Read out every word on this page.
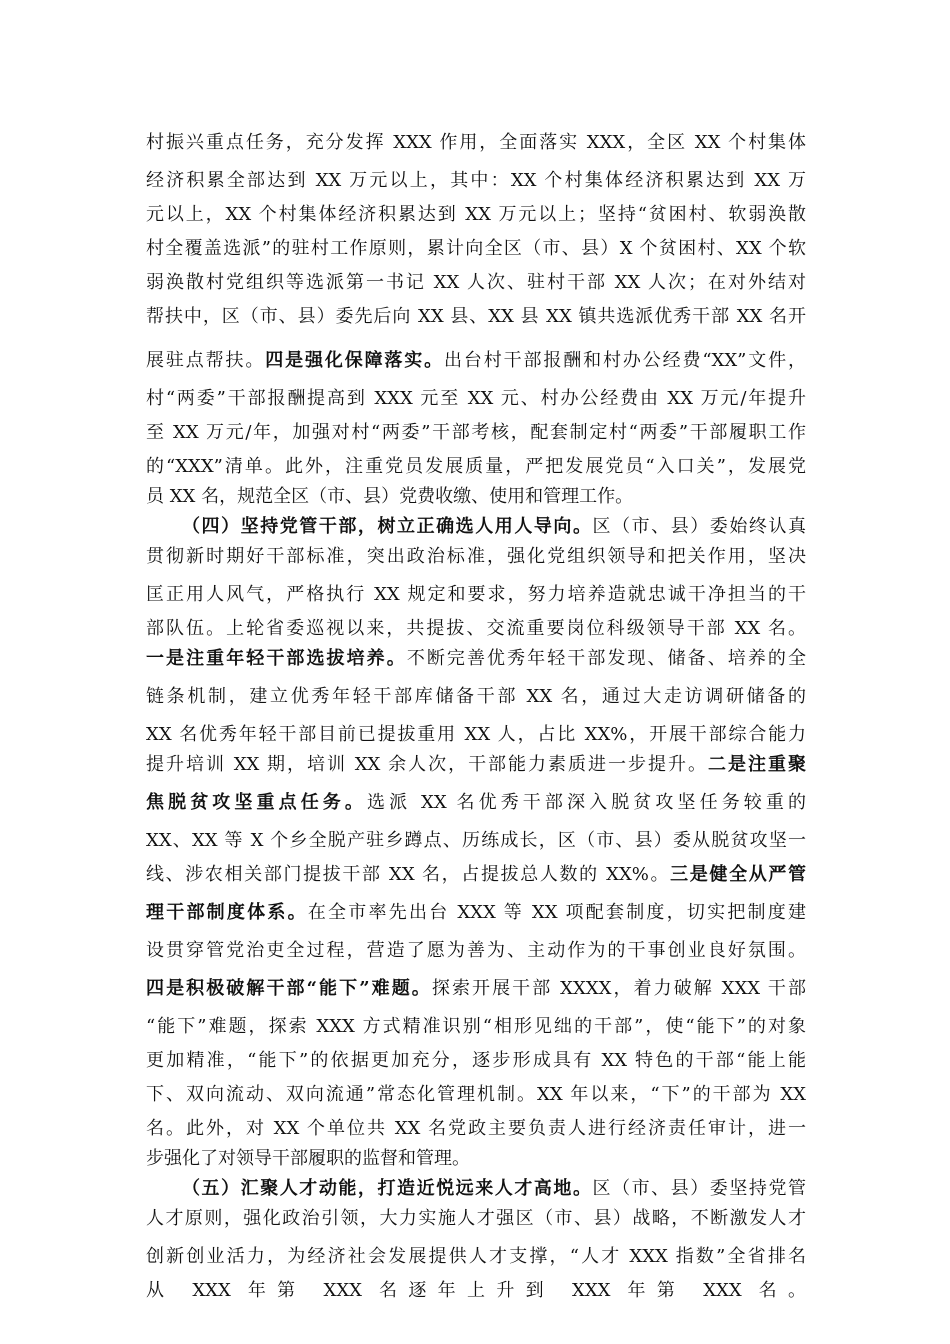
村振兴重点任务，充分发挥 XXX 作用，全面落实 XXX，全区 XX 个村集体
经济积累全部达到 XX 万元以上，其中：XX 个村集体经济积累达到 XX 万
元以上，XX 个村集体经济积累达到 XX 万元以上；坚持“贫困村、软弱涣散
村全覆盖选派”的驻村工作原则，累计向全区（市、县）X 个贫困村、XX 个软
弱涣散村党组织等选派第一书记 XX 人次、驻村干部 XX 人次；在对外结对
帮扶中，区（市、县）委先后向 XX 县、XX 县 XX 镇共选派优秀干部 XX 名开
展驻点帮扶。四是强化保障落实。出台村干部报酬和村办公经费“XX”文件，
村“两委”干部报酬提高到 XXX 元至 XX 元、村办公经费由 XX 万元/年提升
至 XX 万元/年，加强对村“两委”干部考核，配套制定村“两委”干部履职工作
的“XXX”清单。此外，注重党员发展质量，严把发展党员“入口关”，发展党
员 XX 名，规范全区（市、县）党费收缴、使用和管理工作。
（四）坚持党管干部，树立正确选人用人导向。区（市、县）委始终认真
贯彻新时期好干部标准，突出政治标准，强化党组织领导和把关作用，坚决
匡正用人风气，严格执行 XX 规定和要求，努力培养造就忠诚干净担当的干
部队伍。上轮省委巡视以来，共提拔、交流重要岗位科级领导干部 XX 名。
一是注重年轻干部选拔培养。不断完善优秀年轻干部发现、储备、培养的全
链条机制，建立优秀年轻干部库储备干部 XX 名，通过大走访调研储备的
XX 名优秀年轻干部目前已提拔重用 XX 人，占比 XX%，开展干部综合能力
提升培训 XX 期，培训 XX 余人次，干部能力素质进一步提升。二是注重聚
焦脱贫攻坚重点任务。选派 XX 名优秀干部深入脱贫攻坚任务较重的
XX、XX 等 X 个乡全脱产驻乡蹲点、历练成长，区（市、县）委从脱贫攻坚一
线、涉农相关部门提拔干部 XX 名，占提拔总人数的 XX%。三是健全从严管
理干部制度体系。在全市率先出台 XXX 等 XX 项配套制度，切实把制度建
设贯穿管党治吏全过程，营造了愿为善为、主动作为的干事创业良好氛围。
四是积极破解干部“能下”难题。探索开展干部 XXXX，着力破解 XXX 干部
“能下”难题，探索 XXX 方式精准识别“相形见绌的干部”，使“能下”的对象
更加精准，“能下”的依据更加充分，逐步形成具有 XX 特色的干部“能上能
下、双向流动、双向流通”常态化管理机制。XX 年以来，“下”的干部为 XX
名。此外，对 XX 个单位共 XX 名党政主要负责人进行经济责任审计，进一
步强化了对领导干部履职的监督和管理。
（五）汇聚人才动能，打造近悦远来人才高地。区（市、县）委坚持党管
人才原则，强化政治引领，大力实施人才强区（市、县）战略，不断激发人才
创新创业活力，为经济社会发展提供人才支撑，“人才 XXX 指数”全省排名
从 XXX 年第 XXX 名逐年上升到 XXX 年第 XXX 名。
